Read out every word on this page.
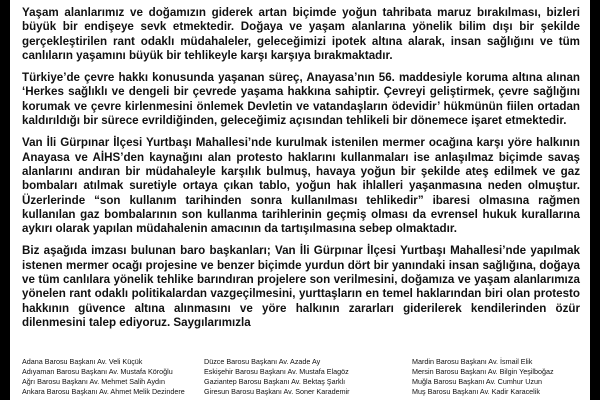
Yaşam alanlarımız ve doğamızın giderek artan biçimde yoğun tahribata maruz bırakılması, bizleri büyük bir endişeye sevk etmektedir. Doğaya ve yaşam alanlarına yönelik bilim dışı bir şekilde gerçekleştirilen rant odaklı müdahaleler, geleceğimizi ipotek altına alarak, insan sağlığını ve tüm canlıların yaşamını büyük bir tehlikeyle karşı karşıya bırakmaktadır.

Türkiye’de çevre hakkı konusunda yaşanan süreç, Anayasa’nın 56. maddesiyle koruma altına alınan ‘Herkes sağlıklı ve dengeli bir çevrede yaşama hakkına sahiptir. Çevreyi geliştirmek, çevre sağlığını korumak ve çevre kirlenmesini önlemek Devletin ve vatandaşların ödevidir’ hükmünün fiilen ortadan kaldırıldığı bir sürece evrildiğinden, geleceğimiz açısından tehlikeli bir dönemece işaret etmektedir.

Van İli Gürpınar İlçesi Yurtbaşı Mahallesi’nde kurulmak istenilen mermer ocağına karşı yöre halkının Anayasa ve AİHS’den kaynağını alan protesto haklarını kullanmaları ise anlaşılmaz biçimde savaş alanlarını andıran bir müdahaleyle karşılık bulmuş, havaya yoğun bir şekilde ateş edilmek ve gaz bombaları atılmak suretiyle ortaya çıkan tablo, yoğun hak ihlalleri yaşanmasına neden olmuştur. Üzerlerinde “son kullanım tarihinden sonra kullanılması tehlikedir” ibaresi olmasına rağmen kullanılan gaz bombalarının son kullanma tarihlerinin geçmiş olması da evrensel hukuk kurallarına aykırı olarak yapılan müdahalenin amacının da tartışılmasına sebep olmaktadır.

Biz aşağıda imzası bulunan baro başkanları; Van İli Gürpınar İlçesi Yurtbaşı Mahallesi’nde yapılmak istenen mermer ocağı projesine ve benzer biçimde yurdun dört bir yanındaki insan sağlığına, doğaya ve tüm canlılara yönelik tehlike barındıran projelere son verilmesini, doğamıza ve yaşam alanlarımıza yönelen rant odaklı politikalardan vazgeçilmesini, yurttaşların en temel haklarından biri olan protesto hakkının güvence altına alınmasını ve yöre halkının zararları giderilerek kendilerinden özür dilenmesini talep ediyoruz. Saygılarımızla

Adana Barosu Başkanı Av. Veli Küçük
Adıyaman Barosu Başkanı Av. Mustafa Köroğlu
Ağrı Barosu Başkanı Av. Mehmet Salih Aydın
Ankara Barosu Başkanı Av. Ahmet Melik Dezindere
Düzce Barosu Başkanı Av. Azade Ay
Eskişehir Barosu Başkanı Av. Mustafa Elagöz
Gaziantep Barosu Başkanı Av. Bektaş Şarklı
Giresun Barosu Başkanı Av. Soner Karademir
Mardin Barosu Başkanı Av. İsmail Elik
Mersin Barosu Başkanı Av. Bilgin Yeşilboğaz
Muğla Barosu Başkanı Av. Cumhur Uzun
Muş Barosu Başkanı Av. Kadir Karacelik
